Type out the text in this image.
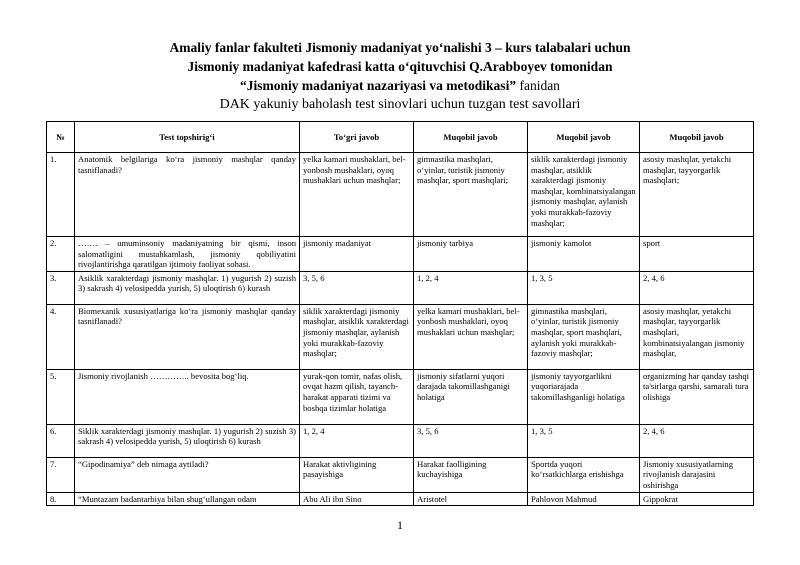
Amaliy fanlar fakulteti Jismoniy madaniyat yo‘nalishi 3 – kurs talabalari uchun
Jismoniy madaniyat kafedrasi katta o‘qituvchisi Q.Arabboyev tomonidan
“Jismoniy madaniyat nazariyasi va metodikasi” fanidan
DAK yakuniy baholash test sinovlari uchun tuzgan test savollari
№	Test topshirig‘i	To‘gri javob	Muqobil javob	Muqobil javob	Muqobil javob
1.	Anatomik belgilariga ko‘ra jismoniy mashqlar qanday tasniflanadi?	yelka kamari mushaklari, bel-yonbosh mushaklari, oyoq mushaklari uchun mashqlar;	gimnastika mashqlari, o‘yinlar, turistik jismoniy mashqlar, sport mashqlari;	siklik xarakterdagi jismoniy mashqlar, atsiklik xarakterdagi jismoniy mashqlar, kombinatsiyalangan jismoniy mashqlar, aylanish yoki murakkab-fazoviy mashqlar;	asosiy mashqlar, yetakchi mashqlar, tayyorgarlik mashqlari;
2.	……. – umuminsoniy madaniyatning bir qismi, inson salomatligini mustahkamlash, jismoniy qobiliyatini rivojlantirishga qaratilgan ijtimoiy faoliyat sohasi.	jismoniy madaniyat	jismoniy tarbiya	jismoniy kamolot	sport
3.	Asiklik xarakterdagi jismoniy mashqlar. 1) yugurish 2) suzish 3) sakrash 4) velosipedda yurish, 5) uloqtirish 6) kurash	3, 5, 6	1, 2, 4	1, 3, 5	2, 4, 6
4.	Biomexanik xususiyatlariga ko‘ra jismoniy mashqlar qanday tasniflanadi?	siklik xarakterdagi jismoniy mashqlar, atsiklik xarakterdagi jismoniy mashqlar, aylanish yoki murakkab-fazoviy mashqlar;	yelka kamari mushaklari, bel-yonbosh mushaklari, oyoq mushaklari uchun mashqlar;	gimnastika mashqlari, o‘yinlar, turistik jismoniy mashqlar, sport mashqlari, aylanish yoki murakkab-fazoviy mashqlar;	asosiy mashqlar, yetakchi mashqlar, tayyorgarlik mashqlari, kombinatsiyalangan jismoniy mashqlar,
5.	Jismoniy rivojlanish ………….. bevosita bog‘liq.	yurak-qon tomir, nafas olish, ovqat hazm qilish, tayanch-harakat apparati tizimi va boshqa tizimlar holatiga	jismoniy sifatlarni yuqori darajada takomillashganigi holatiga	jismoniy tayyorgarlikni yuqoriarajada takomillashganligi holatiga	organizming har qanday tashqi ta'sirlarga qarshi, samarali tura olishiga
6.	Siklik xarakterdagi jismoniy mashqlar. 1) yugurish 2) suzish 3) sakrash 4) velosipedda yurish, 5) uloqtirish 6) kurash	1, 2, 4	3, 5, 6	1, 3, 5	2, 4, 6
7.	“Gipodinamiya” deb nimaga aytiladi?	Harakat aktivligining pasayishiga	Harakat faolligining kuchayishiga	Sportda yuqori ko‘rsatkichlarga erishishga	Jismoniy xususiyatlarning rivojlanish darajasini oshirishga
8.	“Muntazam badantarbiya bilan shug‘ullangan odam	Abu Ali ibn Sino	Aristotel	Pahlovon Mahmud	Gippokrat
1
